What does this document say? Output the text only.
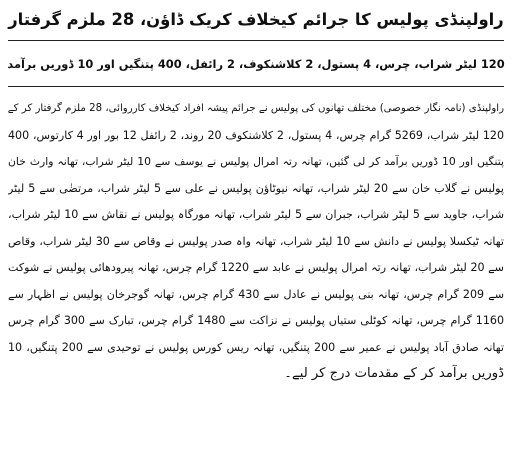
راولپنڈی پولیس کا جرائم کیخلاف کریک ڈاؤن، 28 ملزم گرفتار
120 لیٹر شراب، چرس، 4 پستول، 2 کلاشنکوف، 2 رائفل، 400 پتنگیں اور 10 ڈوریں برآمد
راولپنڈی (نامہ نگار خصوصی) مختلف تھانوں کی پولیس نے جرائم پیشہ افراد کیخلاف کارروائی، 28 ملزم گرفتار کر کے
120 لیٹر شراب، 5269 گرام چرس، 4 پستول، 2 کلاشنکوف 20 روند، 2 رائفل 12 بور اور 4 کارتوس، 400
پتنگیں اور 10 ڈوریں برآمد کر لی گئیں، تھانہ رتہ امرال پولیس نے یوسف سے 10 لیٹر شراب، تھانہ وارث خان
پولیس نے گلاب خان سے 20 لیٹر شراب، تھانہ نیوٹاؤن پولیس نے علی سے 5 لیٹر شراب، مرتضٰی سے 5 لیٹر
شراب، جاوید سے 5 لیٹر شراب، جبران سے 5 لیٹر شراب، تھانہ مورگاہ پولیس نے نقاش سے 10 لیٹر شراب،
تھانہ ٹیکسلا پولیس نے دانش سے 10 لیٹر شراب، تھانہ واہ صدر پولیس نے وقاص سے 30 لیٹر شراب، وقاص
سے 20 لیٹر شراب، تھانہ رتہ امرال پولیس نے عابد سے 1220 گرام چرس، تھانہ پیرودھائی پولیس نے شوکت
سے 209 گرام چرس، تھانہ بنی پولیس نے عادل سے 430 گرام چرس، تھانہ گوجرخان پولیس نے اظہار سے
1160 گرام چرس، تھانہ کوٹلی ستیاں پولیس نے نزاکت سے 1480 گرام چرس، تبارک سے 300 گرام چرس
تھانہ صادق آباد پولیس نے عمیر سے 200 پتنگیں، تھانہ ریس کورس پولیس نے توحیدی سے 200 پتنگیں، 10
ڈوریں برآمد کر کے مقدمات درج کر لیے۔
